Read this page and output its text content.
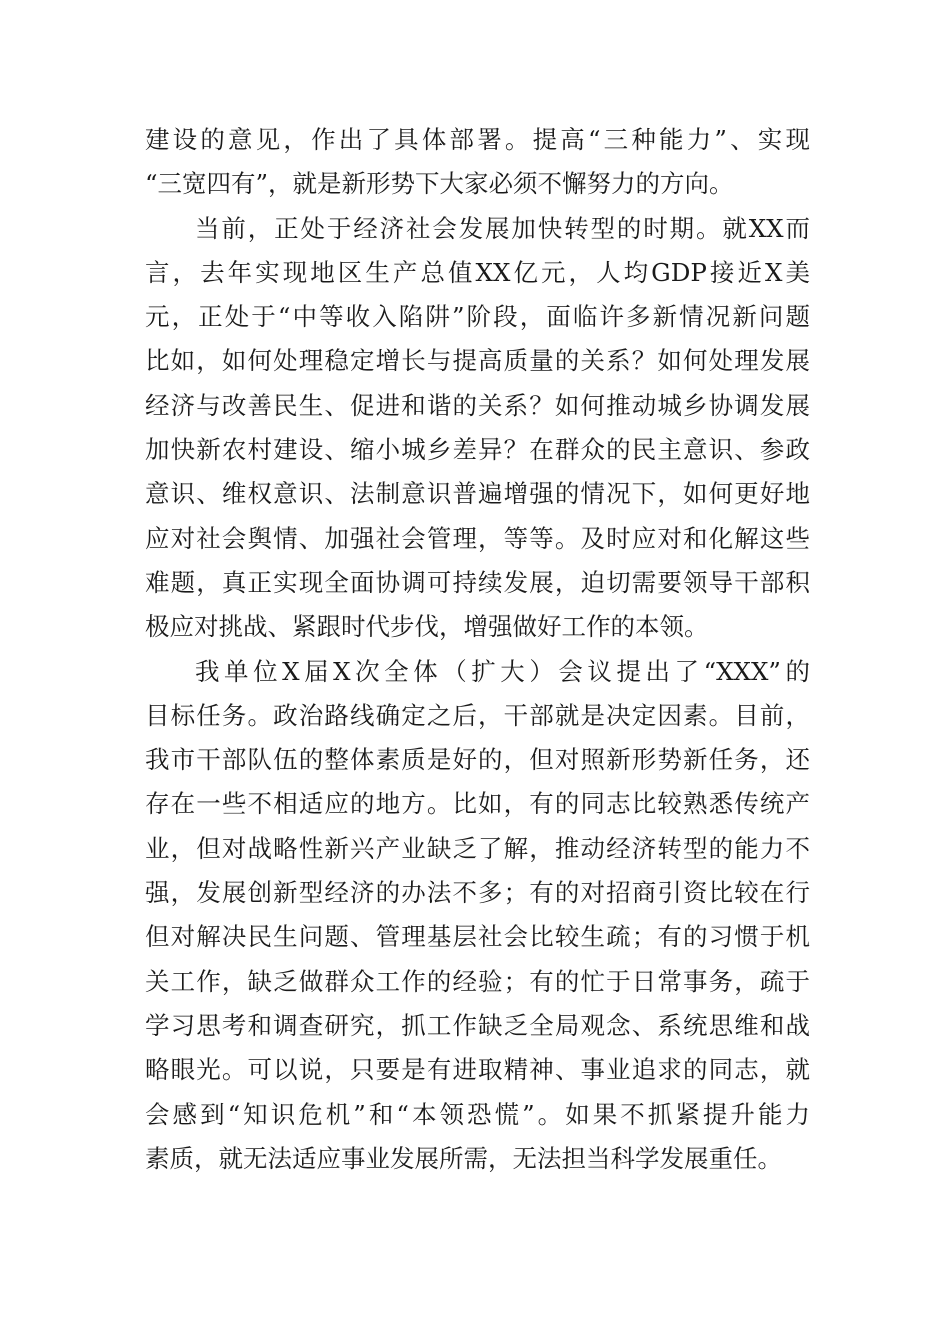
建设的意见，作出了具体部署。提高“三种能力”、实现
“三宽四有”，就是新形势下大家必须不懈努力的方向。
当前，正处于经济社会发展加快转型的时期。就XX而
言，去年实现地区生产总值XX亿元，人均GDP接近X美
元，正处于“中等收入陷阱”阶段，面临许多新情况新问题
比如，如何处理稳定增长与提高质量的关系？如何处理发展
经济与改善民生、促进和谐的关系？如何推动城乡协调发展
加快新农村建设、缩小城乡差异？在群众的民主意识、参政
意识、维权意识、法制意识普遍增强的情况下，如何更好地
应对社会舆情、加强社会管理，等等。及时应对和化解这些
难题，真正实现全面协调可持续发展，迫切需要领导干部积
极应对挑战、紧跟时代步伐，增强做好工作的本领。
我单位X届X次全体（扩大）会议提出了“XXX”的
目标任务。政治路线确定之后，干部就是决定因素。目前，
我市干部队伍的整体素质是好的，但对照新形势新任务，还
存在一些不相适应的地方。比如，有的同志比较熟悉传统产
业，但对战略性新兴产业缺乏了解，推动经济转型的能力不
强，发展创新型经济的办法不多；有的对招商引资比较在行
但对解决民生问题、管理基层社会比较生疏；有的习惯于机
关工作，缺乏做群众工作的经验；有的忙于日常事务，疏于
学习思考和调查研究，抓工作缺乏全局观念、系统思维和战
略眼光。可以说，只要是有进取精神、事业追求的同志，就
会感到“知识危机”和“本领恐慌”。如果不抓紧提升能力
素质，就无法适应事业发展所需，无法担当科学发展重任。
